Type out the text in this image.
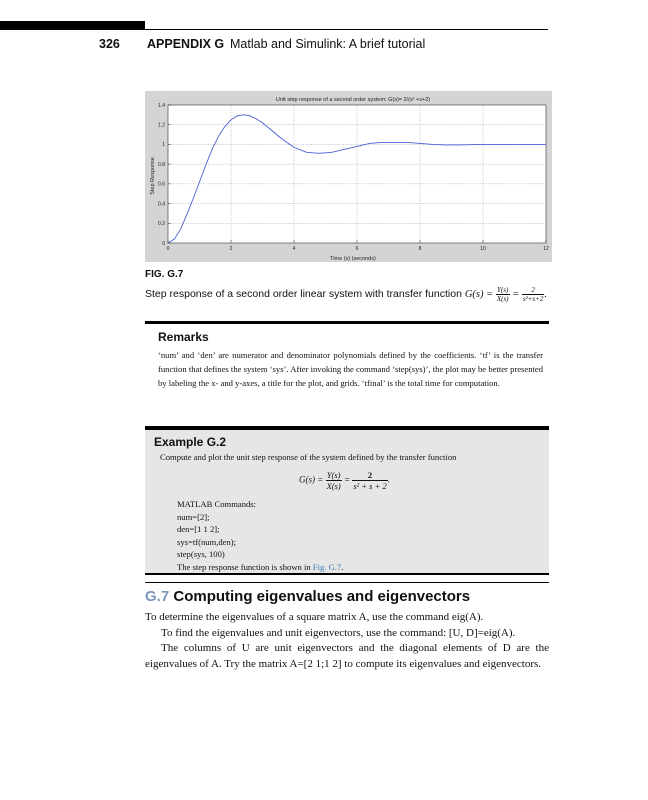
326 APPENDIX G Matlab and Simulink: A brief tutorial
Unit step response of a second order system: G(s)= 2/(s² +s+2)
Time (s) (seconds)
Step Response
0	2	4	6	8	10	12
0
0.2
0.4
0.6
0.8
1
1.2
1.4
FIG. G.7
Step response of a second order linear system with transfer function $G(s) = \frac{Y(s)}{X(s)} = \frac{2}{\text{s²+s+2}}$ .
Remarks
‘num’ and ‘den’ are numerator and denominator polynomials defined by the coefficients. ‘tf’ is the transfer function that defines the system ‘sys’. After invoking the command ‘step(sys)’, the plot may be better presented by labeling the x- and y-axes, a title for the plot, and grids. ‘tfinal’ is the total time for computation.
Example G.2
Compute and plot the unit step response of the system defined by the transfer function
$G(s) = \frac{Y(s)}{X(s)} = \frac{2}{\text{s² + s + 2}}$ .
MATLAB Commands:
num=[2];
den=[1 1 2];
sys=tf(num,den);
step(sys, 100)
The step response function is shown in Fig. G.7.
G.7 Computing eigenvalues and eigenvectors

To determine the eigenvalues of a square matrix A, use the command eig(A).

To find the eigenvalues and unit eigenvectors, use the command: [U, D]=eig(A).

The columns of U are unit eigenvectors and the diagonal elements of D are the eigenvalues of A. Try the matrix A=[2 1;1 2] to compute its eigenvalues and eigenvectors.
